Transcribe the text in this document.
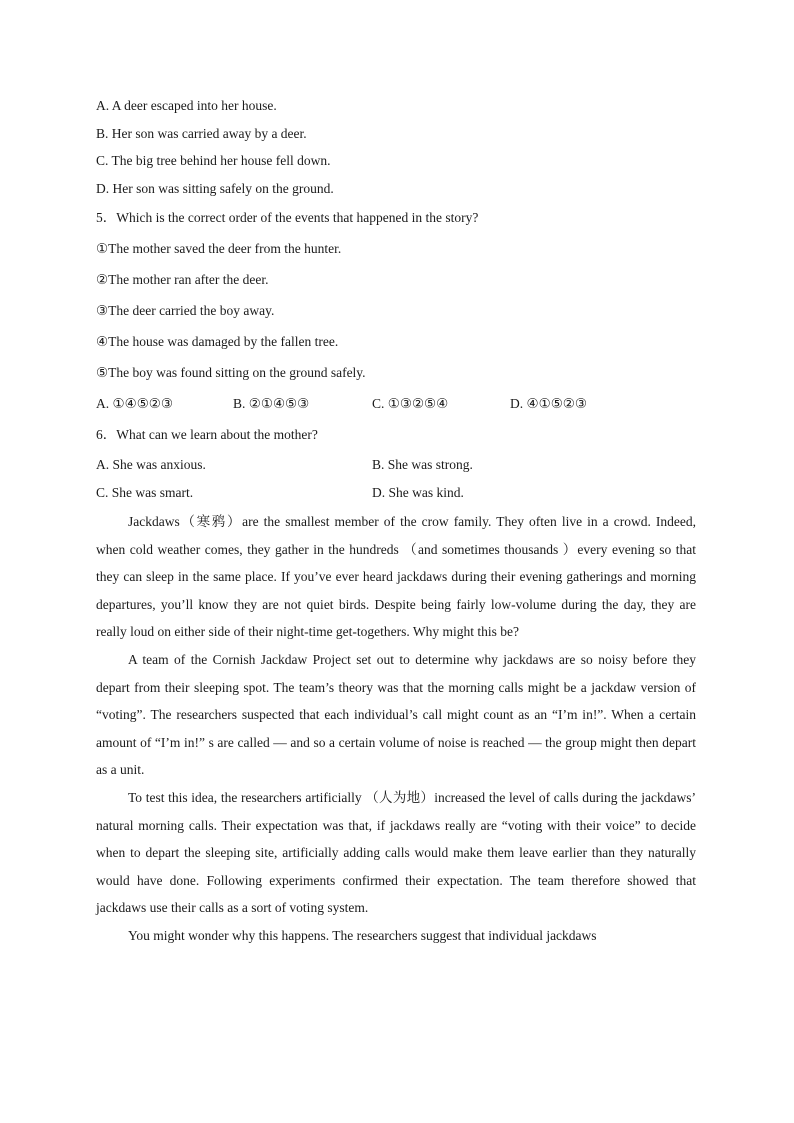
A. A deer escaped into her house.
B. Her son was carried away by a deer.
C. The big tree behind her house fell down.
D. Her son was sitting safely on the ground.
5．Which is the correct order of the events that happened in the story?
①The mother saved the deer from the hunter.
②The mother ran after the deer.
③The deer carried the boy away.
④The house was damaged by the fallen tree.
⑤The boy was found sitting on the ground safely.
A. ①④⑤②③	B. ②①④⑤③	C. ①③②⑤④	D. ④①⑤②③
6．What can we learn about the mother?
A. She was anxious.	B. She was strong.
C. She was smart.	D. She was kind.

Jackdaws（寒鸦）are the smallest member of the crow family. They often live in a crowd. Indeed, when cold weather comes, they gather in the hundreds （and sometimes thousands ）every evening so that they can sleep in the same place. If you’ve ever heard jackdaws during their evening gatherings and morning departures, you’ll know they are not quiet birds. Despite being fairly low-volume during the day, they are really loud on either side of their night-time get-togethers. Why might this be?

A team of the Cornish Jackdaw Project set out to determine why jackdaws are so noisy before they depart from their sleeping spot. The team’s theory was that the morning calls might be a jackdaw version of “voting”. The researchers suspected that each individual’s call might count as an “I’m in!”. When a certain amount of “I’m in!” s are called — and so a certain volume of noise is reached — the group might then depart as a unit.

To test this idea, the researchers artificially （人为地）increased the level of calls during the jackdaws’ natural morning calls. Their expectation was that, if jackdaws really are “voting with their voice” to decide when to depart the sleeping site, artificially adding calls would make them leave earlier than they naturally would have done. Following experiments confirmed their expectation. The team therefore showed that jackdaws use their calls as a sort of voting system.

You might wonder why this happens. The researchers suggest that individual jackdaws
